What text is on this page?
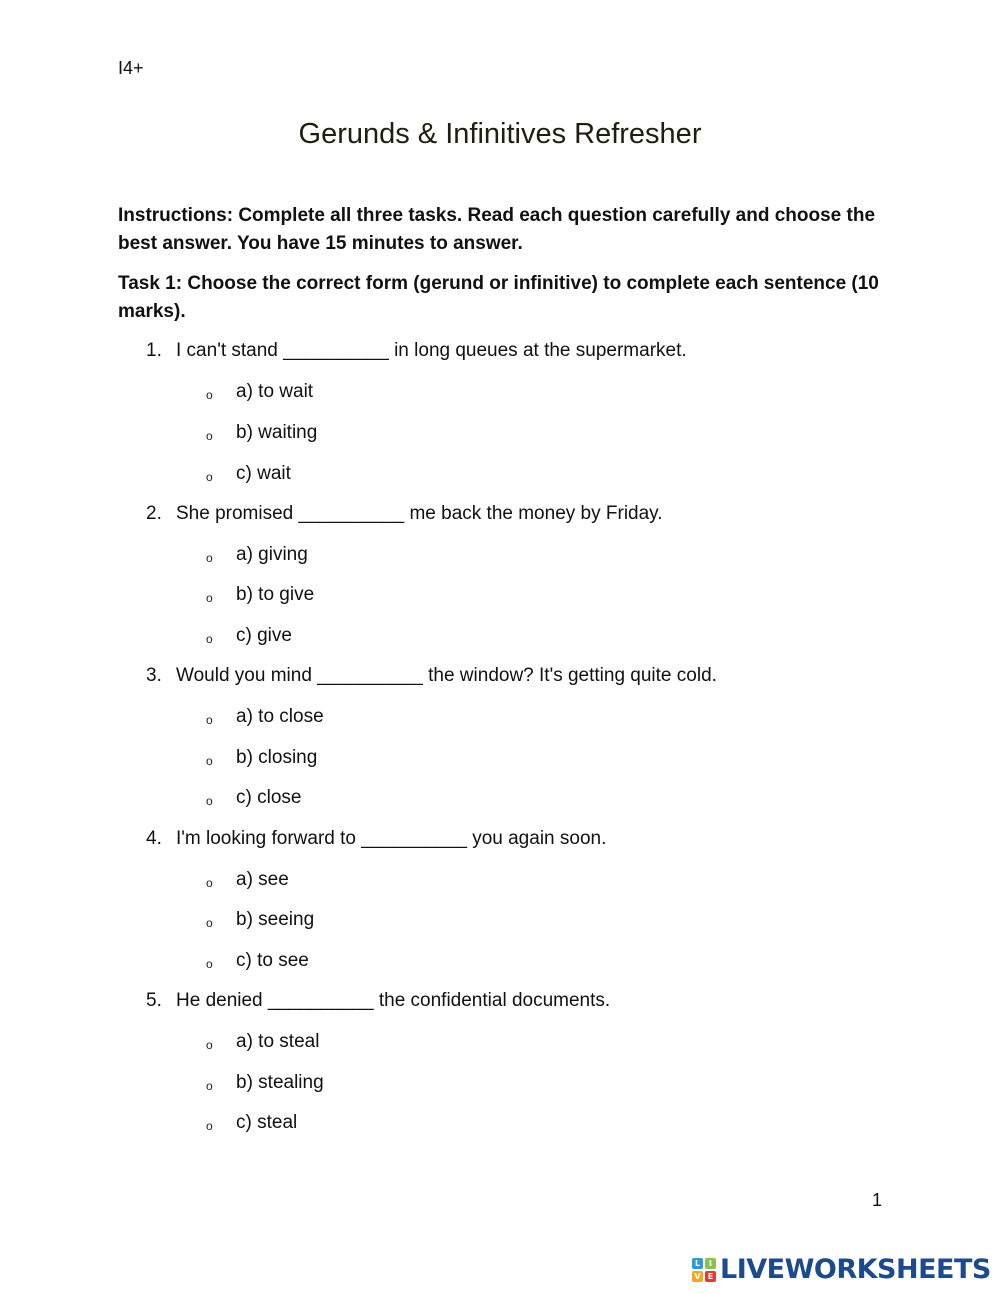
I4+
Gerunds & Infinitives Refresher

Instructions: Complete all three tasks. Read each question carefully and choose the best answer. You have 15 minutes to answer.

Task 1: Choose the correct form (gerund or infinitive) to complete each sentence (10 marks).

1. I can't stand __________ in long queues at the supermarket.
o a) to wait
o b) waiting
o c) wait
2. She promised __________ me back the money by Friday.
o a) giving
o b) to give
o c) give
3. Would you mind __________ the window? It's getting quite cold.
o a) to close
o b) closing
o c) close
4. I'm looking forward to __________ you again soon.
o a) see
o b) seeing
o c) to see
5. He denied __________ the confidential documents.
o a) to steal
o b) stealing
o c) steal
1
L	I
V E LIVEWORKSHEETS
